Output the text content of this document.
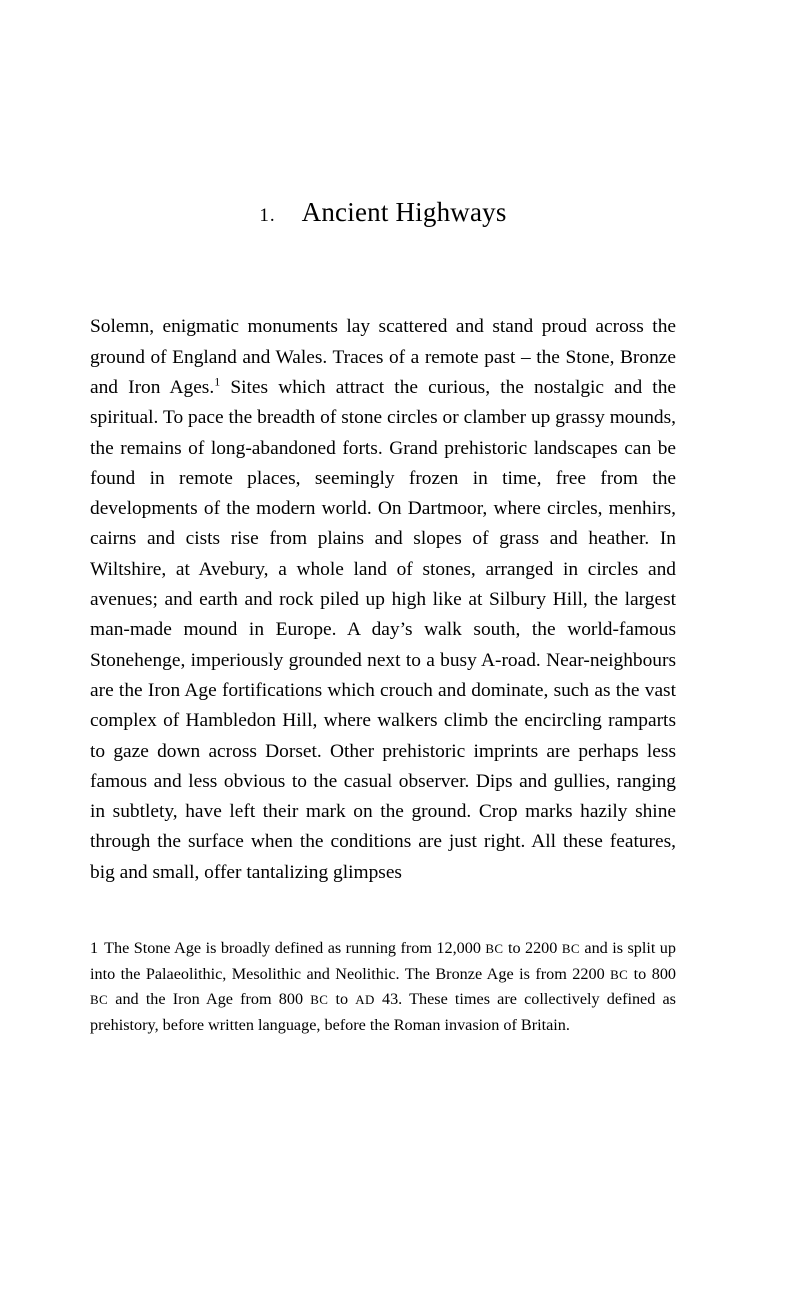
1. Ancient Highways
Solemn, enigmatic monuments lay scattered and stand proud across the ground of England and Wales. Traces of a remote past – the Stone, Bronze and Iron Ages.$^1$ Sites which attract the curious, the nostalgic and the spiritual. To pace the breadth of stone circles or clamber up grassy mounds, the remains of long-abandoned forts. Grand prehistoric landscapes can be found in remote places, seemingly frozen in time, free from the developments of the modern world. On Dartmoor, where circles, menhirs, cairns and cists rise from plains and slopes of grass and heather. In Wiltshire, at Avebury, a whole land of stones, arranged in circles and avenues; and earth and rock piled up high like at Silbury Hill, the largest man-made mound in Europe. A day’s walk south, the world-famous Stonehenge, imperiously grounded next to a busy A-road. Near-neighbours are the Iron Age fortifications which crouch and dominate, such as the vast complex of Hambledon Hill, where walkers climb the encircling ramparts to gaze down across Dorset. Other prehistoric imprints are perhaps less famous and less obvious to the casual observer. Dips and gullies, ranging in subtlety, have left their mark on the ground. Crop marks hazily shine through the surface when the conditions are just right. All these features, big and small, offer tantalizing glimpses
1 The Stone Age is broadly defined as running from 12,000 BC to 2200 BC and is split up into the Palaeolithic, Mesolithic and Neolithic. The Bronze Age is from 2200 BC to 800 BC and the Iron Age from 800 BC to AD 43. These times are collectively defined as prehistory, before written language, before the Roman invasion of Britain.
